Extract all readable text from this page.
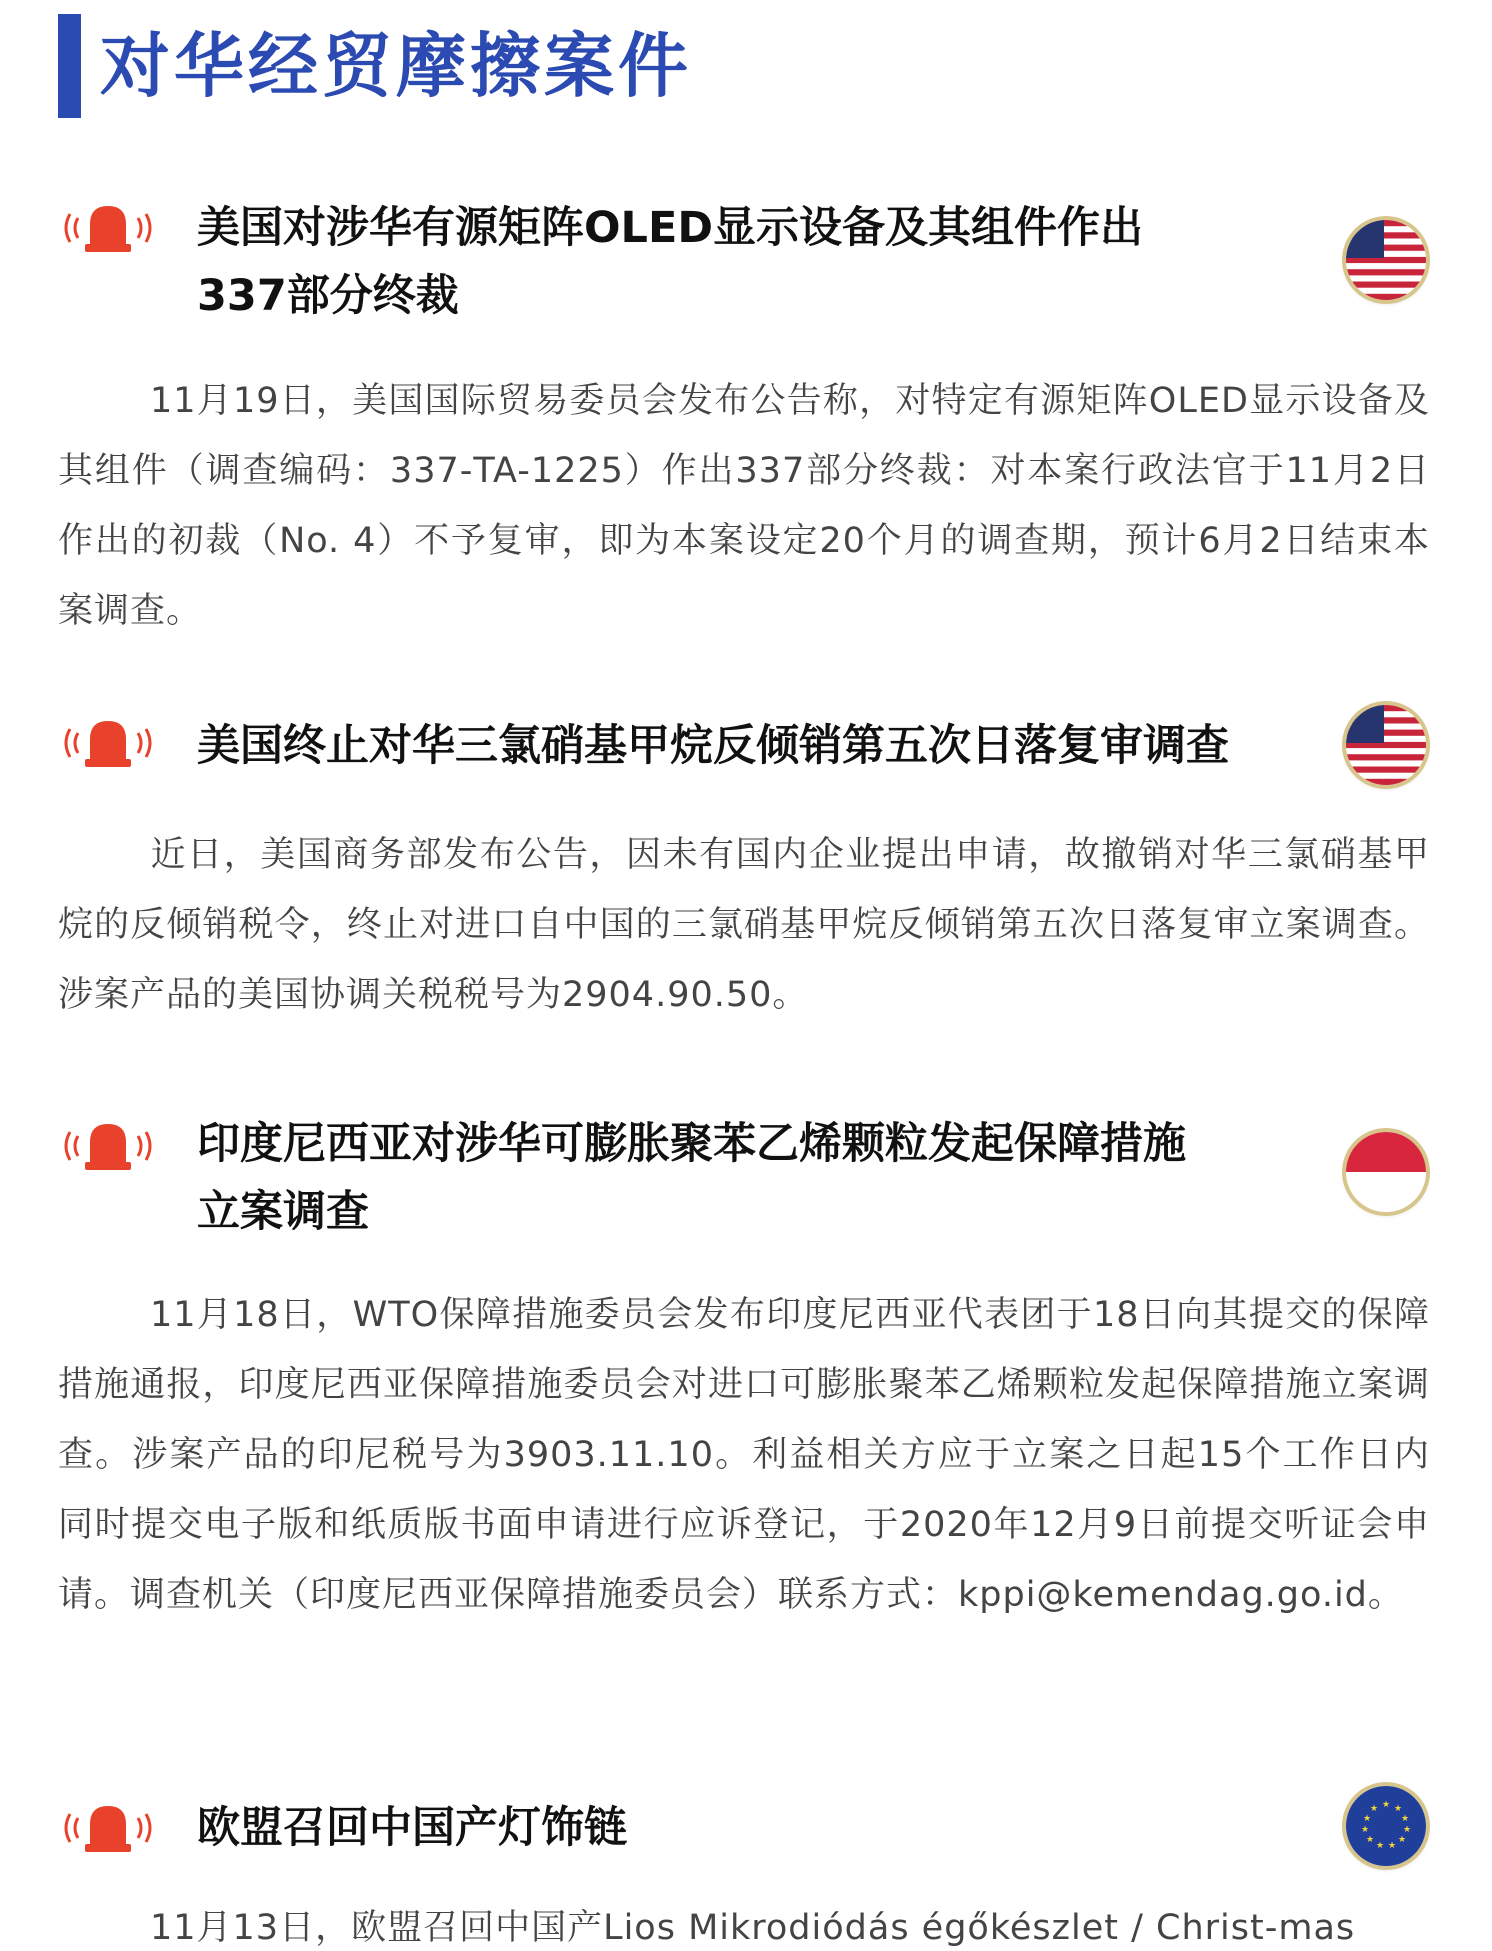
对华经贸摩擦案件
美国对涉华有源矩阵OLED显示设备及其组件作出
337部分终裁
11月19日，美国国际贸易委员会发布公告称，对特定有源矩阵OLED显示设备及其组件（调查编码：337-TA-1225）作出337部分终裁：对本案行政法官于11月2日作出的初裁（No. 4）不予复审，即为本案设定20个月的调查期，预计6月2日结束本案调查。
美国终止对华三氯硝基甲烷反倾销第五次日落复审调查
近日，美国商务部发布公告，因未有国内企业提出申请，故撤销对华三氯硝基甲烷的反倾销税令，终止对进口自中国的三氯硝基甲烷反倾销第五次日落复审立案调查。涉案产品的美国协调关税税号为2904.90.50。
印度尼西亚对涉华可膨胀聚苯乙烯颗粒发起保障措施
立案调查
11月18日，WTO保障措施委员会发布印度尼西亚代表团于18日向其提交的保障措施通报，印度尼西亚保障措施委员会对进口可膨胀聚苯乙烯颗粒发起保障措施立案调查。涉案产品的印尼税号为3903.11.10。利益相关方应于立案之日起15个工作日内同时提交电子版和纸质版书面申请进行应诉登记，于2020年12月9日前提交听证会申请。调查机关（印度尼西亚保障措施委员会）联系方式：kppi@kemendag.go.id。
欧盟召回中国产灯饰链	★ ★
★
★
★
★
★
★
★
★
★
11月13日，欧盟召回中国产Lios Mikrodiódás égőkészlet / Christ-mas
